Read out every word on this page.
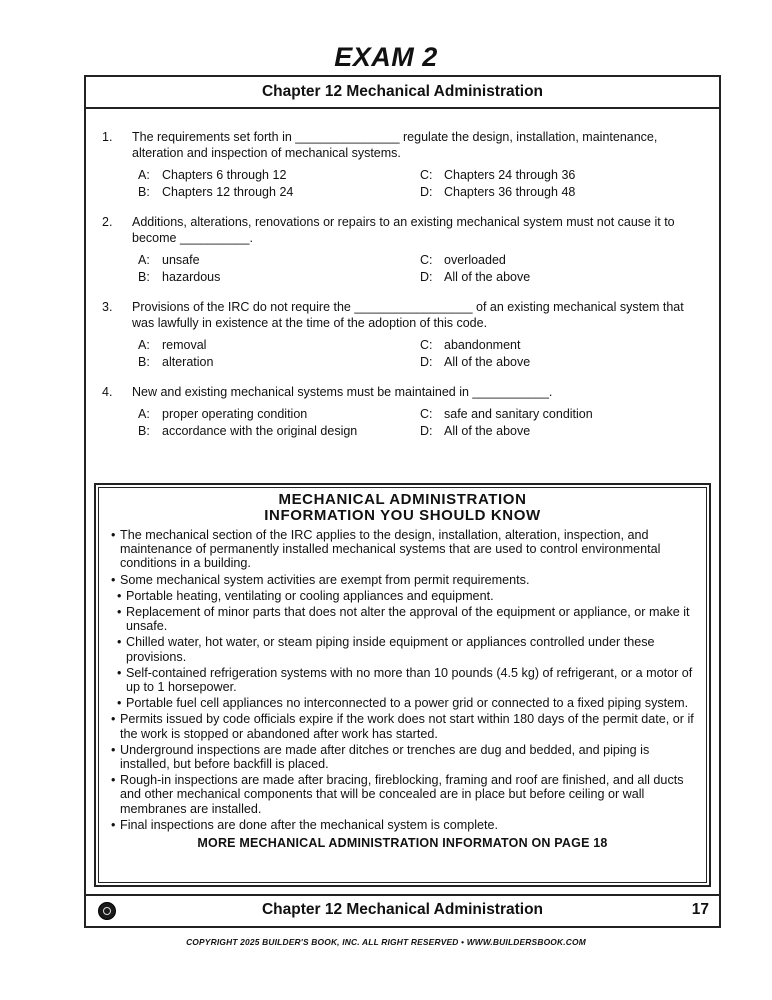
EXAM 2
Chapter 12 Mechanical Administration
1.	The requirements set forth in _______________ regulate the design, installation, maintenance, alteration and inspection of mechanical systems.
A: Chapters 6 through 12	C: Chapters 24 through 36
B: Chapters 12 through 24	D: Chapters 36 through 48
2.	Additions, alterations, renovations or repairs to an existing mechanical system must not cause it to become __________.
A: unsafe	C: overloaded
B: hazardous	D: All of the above
3.	Provisions of the IRC do not require the _________________ of an existing mechanical system that was lawfully in existence at the time of the adoption of this code.
A: removal	C: abandonment
B: alteration	D: All of the above
4.	New and existing mechanical systems must be maintained in ___________.
A: proper operating condition	C: safe and sanitary condition
B: accordance with the original design	D: All of the above
MECHANICAL ADMINISTRATION
INFORMATION YOU SHOULD KNOW
• The mechanical section of the IRC applies to the design, installation, alteration, inspection, and maintenance of permanently installed mechanical systems that are used to control environmental conditions in a building.
• Some mechanical system activities are exempt from permit requirements.
• Portable heating, ventilating or cooling appliances and equipment.
• Replacement of minor parts that does not alter the approval of the equipment or appliance, or make it unsafe.
• Chilled water, hot water, or steam piping inside equipment or appliances controlled under these provisions.
• Self-contained refrigeration systems with no more than 10 pounds (4.5 kg) of refrigerant, or a motor of up to 1 horsepower.
• Portable fuel cell appliances no interconnected to a power grid or connected to a fixed piping system.
• Permits issued by code officials expire if the work does not start within 180 days of the permit date, or if the work is stopped or abandoned after work has started.
• Underground inspections are made after ditches or trenches are dug and bedded, and piping is installed, but before backfill is placed.
• Rough-in inspections are made after bracing, fireblocking, framing and roof are finished, and all ducts and other mechanical components that will be concealed are in place but before ceiling or wall membranes are installed.
• Final inspections are done after the mechanical system is complete.
MORE MECHANICAL ADMINISTRATION INFORMATON ON PAGE 18
Chapter 12 Mechanical Administration	17
COPYRIGHT 2025 BUILDER'S BOOK, INC. ALL RIGHT RESERVED • WWW.BUILDERSBOOK.COM
